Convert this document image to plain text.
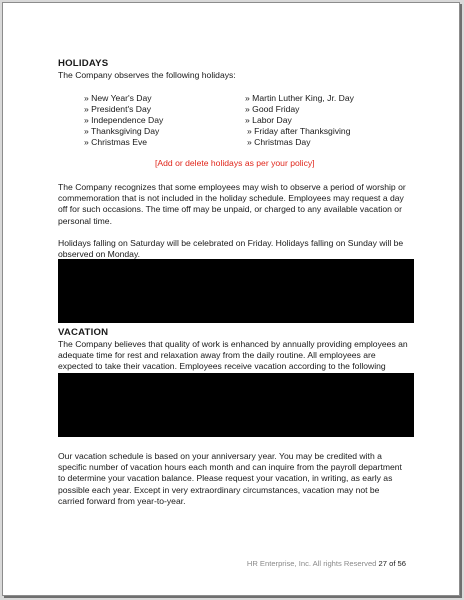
HOLIDAYS
The Company observes the following holidays:
» New Year's Day
» President's Day
» Independence Day
» Thanksgiving Day
» Christmas Eve
» Martin Luther King, Jr. Day
» Good Friday
» Labor Day
» Friday after Thanksgiving
» Christmas Day
[Add or delete holidays as per your policy]
The Company recognizes that some employees may wish to observe a period of worship or commemoration that is not included in the holiday schedule. Employees may request a day off for such occasions. The time off may be unpaid, or charged to any available vacation or personal time.
Holidays falling on Saturday will be celebrated on Friday. Holidays falling on Sunday will be observed on Monday.
VACATION
The Company believes that quality of work is enhanced by annually providing employees an adequate time for rest and relaxation away from the daily routine. All employees are expected to take their vacation. Employees receive vacation according to the following
Our vacation schedule is based on your anniversary year. You may be credited with a specific number of vacation hours each month and can inquire from the payroll department to determine your vacation balance. Please request your vacation, in writing, as early as possible each year. Except in very extraordinary circumstances, vacation may not be carried forward from year-to-year.
HR Enterprise, Inc. All rights Reserved 27 of 56
